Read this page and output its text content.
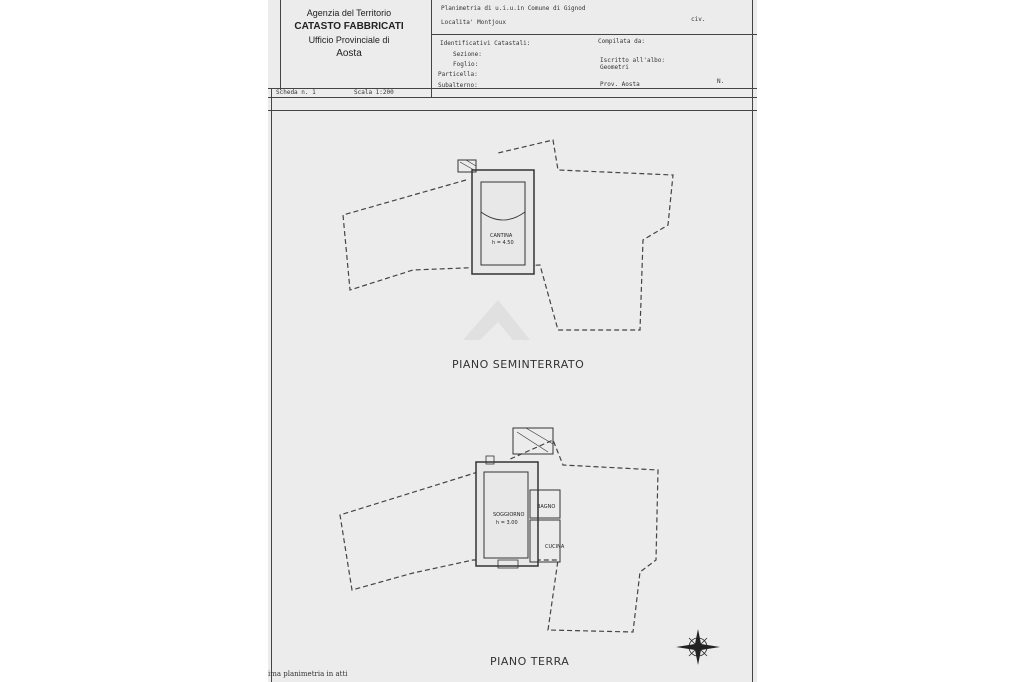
Agenzia del Territorio
CATASTO FABBRICATI
Ufficio Provinciale di
Aosta
Planimetria di u.i.u.in Comune di Gignod
Localita' Montjoux	civ.
Identificativi Catastali:
Sezione:
Foglio:
Particella:
Subalterno:
Compilata da:
Iscritto all'albo:
Geometri
Prov. Aosta	N.
Scheda n. 1	Scala 1:200
CANTINA
h = 4.50
SOGGIORNO
h = 3.00
BAGNO
CUCINA
PIANO SEMINTERRATO
PIANO TERRA
ima planimetria in atti
